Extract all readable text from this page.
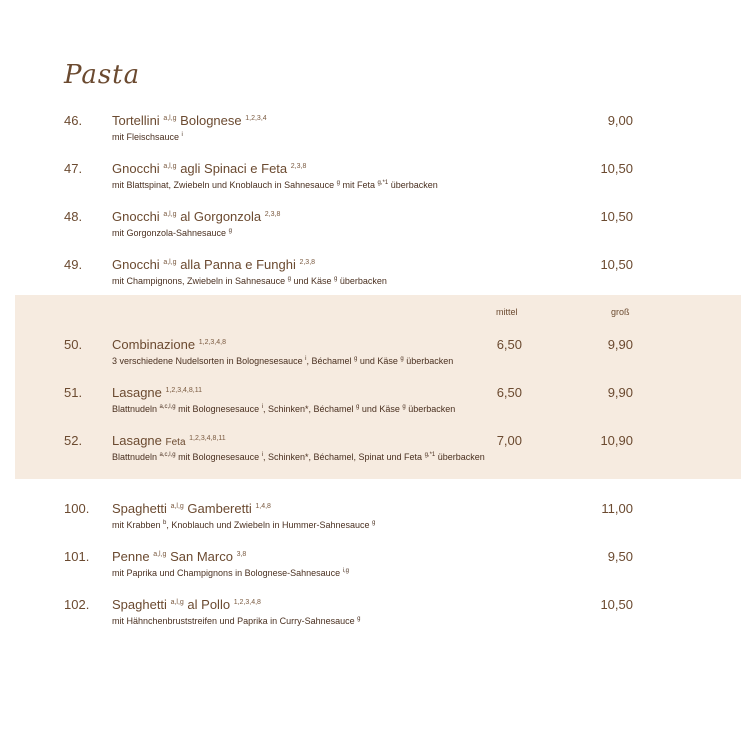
Pasta
46. Tortellini $^{a,l,g}$ Bolognese $^{1,2,3,4}$
mit Fleischsauce $^i$
9,00
47. Gnocchi $^{a,l,g}$ agli Spinaci e Feta $^{2,3,8}$
mit Blattspinat, Zwiebeln und Knoblauch in Sahnesauce $^g$ mit Feta $^{g,*1}$ überbacken
10,50
48. Gnocchi $^{a,l,g}$ al Gorgonzola $^{2,3,8}$
mit Gorgonzola-Sahnesauce $^g$
10,50
49. Gnocchi $^{a,l,g}$ alla Panna e Funghi $^{2,3,8}$
mit Champignons, Zwiebeln in Sahnesauce $^g$ und Käse $^g$ überbacken
10,50
mittel	groß
50. Combinazione $^{1,2,3,4,8}$
3 verschiedene Nudelsorten in Bolognesesauce $^i$, Béchamel $^g$ und Käse $^g$ überbacken
6,50	9,90
51. Lasagne $^{1,2,3,4,8,11}$
Blattnudeln $^{a,c,l,g}$ mit Bolognesesauce $^i$, Schinken*, Béchamel $^g$ und Käse $^g$ überbacken
6,50	9,90
52. Lasagne Feta $^{1,2,3,4,8,11}$
Blattnudeln $^{a,c,l,g}$ mit Bolognesesauce $^i$, Schinken*, Béchamel, Spinat und Feta $^{g,*1}$ überbacken
7,00	10,90
100. Spaghetti $^{a,l,g}$ Gamberetti $^{1,4,8}$
mit Krabben $^b$, Knoblauch und Zwiebeln in Hummer-Sahnesauce $^g$
11,00
101. Penne $^{a,l,g}$ San Marco $^{3,8}$
mit Paprika und Champignons in Bolognese-Sahnesauce $^{i,g}$
9,50
102. Spaghetti $^{a,l,g}$ al Pollo $^{1,2,3,4,8}$
mit Hähnchenbruststreifen und Paprika in Curry-Sahnesauce $^g$
10,50
